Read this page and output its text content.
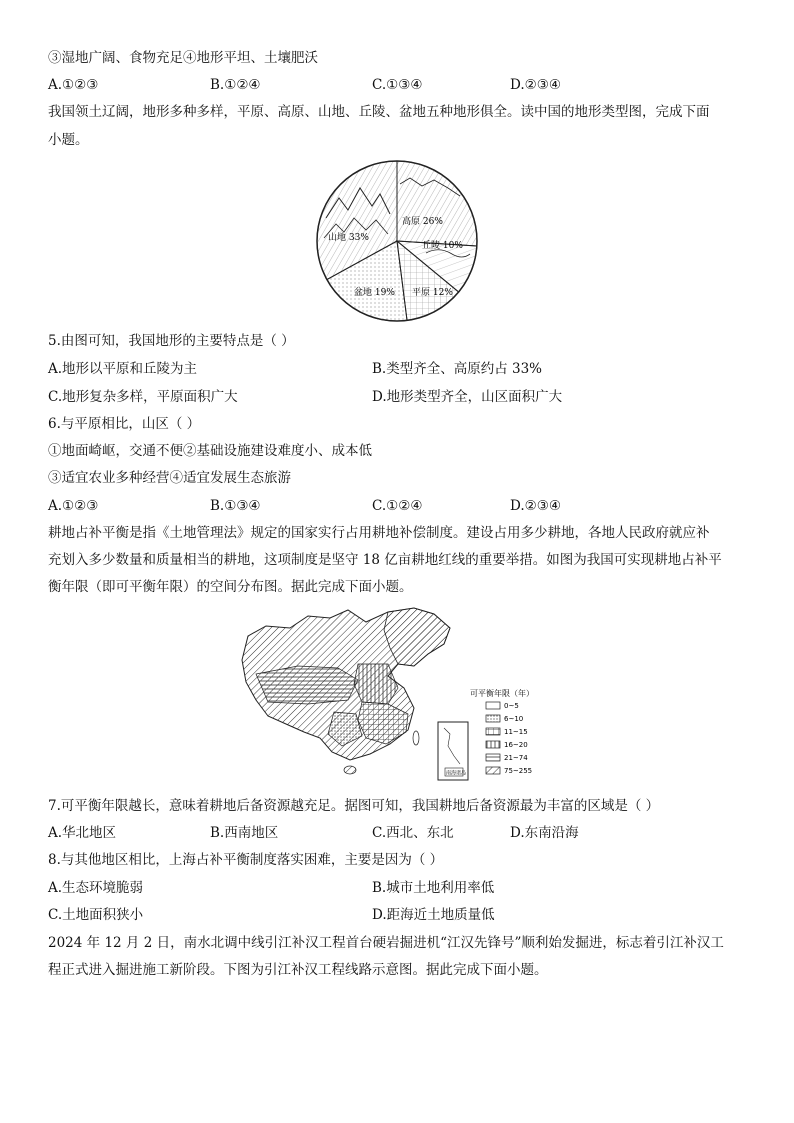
③湿地广阔、食物充足④地形平坦、土壤肥沃
A.①②③	B.①②④	C.①③④	D.②③④
我国领土辽阔，地形多种多样，平原、高原、山地、丘陵、盆地五种地形俱全。读中国的地形类型图，完成下面
小题。
山地 33%
高原 26%
丘陵 10%
盆地 19% 平原 12%
5.由图可知，我国地形的主要特点是（ ）
A.地形以平原和丘陵为主	B.类型齐全、高原约占 33%
C.地形复杂多样，平原面积广大	D.地形类型齐全，山区面积广大
6.与平原相比，山区（ ）
①地面崎岖，交通不便②基础设施建设难度小、成本低
③适宜农业多种经营④适宜发展生态旅游
A.①②③	B.①③④	C.①②④	D.②③④
耕地占补平衡是指《土地管理法》规定的国家实行占用耕地补偿制度。建设占用多少耕地，各地人民政府就应补
充划入多少数量和质量相当的耕地，这项制度是坚守 18 亿亩耕地红线的重要举措。如图为我国可实现耕地占补平
衡年限（即可平衡年限）的空间分布图。据此完成下面小题。
南海诸岛
可平衡年限（年）
0~5
6~10
11~15
16~20
21~74
75~255
7.可平衡年限越长，意味着耕地后备资源越充足。据图可知，我国耕地后备资源最为丰富的区域是（ ）
A.华北地区	B.西南地区	C.西北、东北	D.东南沿海
8.与其他地区相比，上海占补平衡制度落实困难，主要是因为（ ）
A.生态环境脆弱	B.城市土地利用率低
C.土地面积狭小	D.距海近土地质量低
2024 年 12 月 2 日，南水北调中线引江补汉工程首台硬岩掘进机“江汉先锋号”顺利始发掘进，标志着引江补汉工
程正式进入掘进施工新阶段。下图为引江补汉工程线路示意图。据此完成下面小题。
